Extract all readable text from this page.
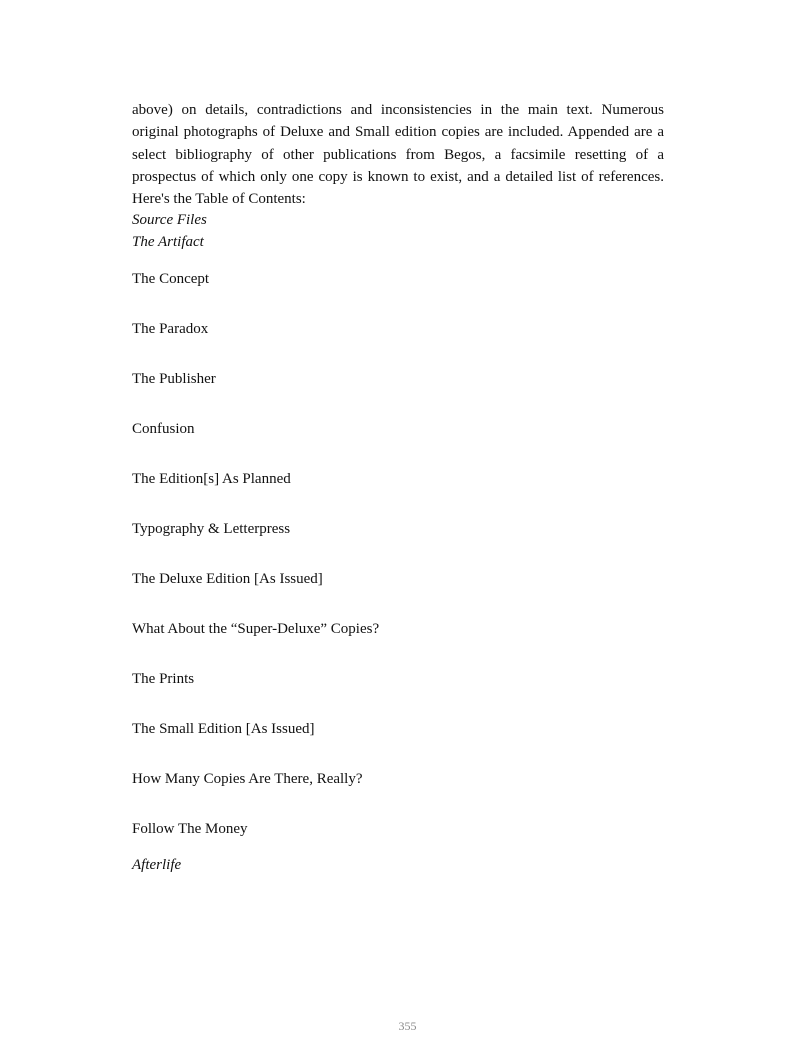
above) on details, contradictions and inconsistencies in the main text. Numerous original photographs of Deluxe and Small edition copies are included. Appended are a select bibliography of other publications from Begos, a facsimile resetting of a prospectus of which only one copy is known to exist, and a detailed list of references. Here's the Table of Contents:

Source Files

The Artifact

The Concept

The Paradox

The Publisher

Confusion

The Edition[s] As Planned

Typography & Letterpress

The Deluxe Edition [As Issued]

What About the “Super-Deluxe” Copies?

The Prints

The Small Edition [As Issued]

How Many Copies Are There, Really?

Follow The Money

Afterlife

355
